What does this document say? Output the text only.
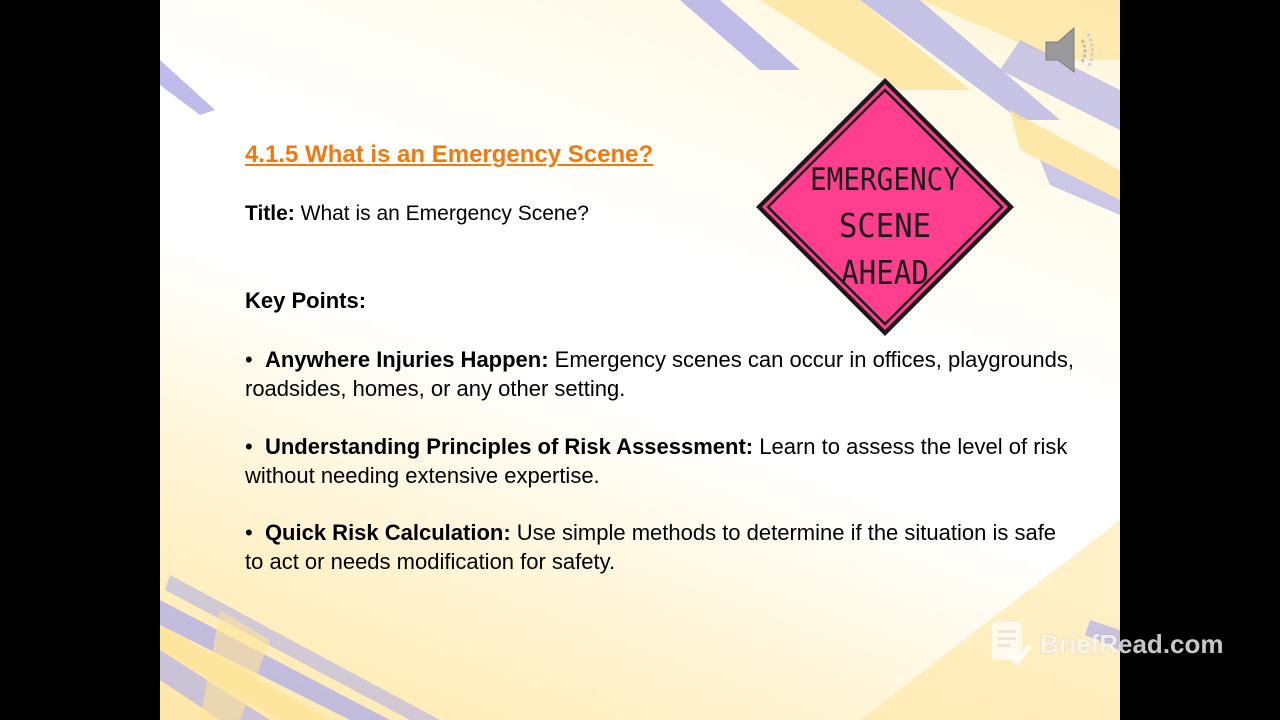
4.1.5 What is an Emergency Scene?
Title: What is an Emergency Scene?
Key Points:
• Anywhere Injuries Happen: Emergency scenes can occur in offices, playgrounds, roadsides, homes, or any other setting.
• Understanding Principles of Risk Assessment: Learn to assess the level of risk without needing extensive expertise.
• Quick Risk Calculation: Use simple methods to determine if the situation is safe to act or needs modification for safety.
EMERGENCY
SCENE
AHEAD
BriefRead.com
